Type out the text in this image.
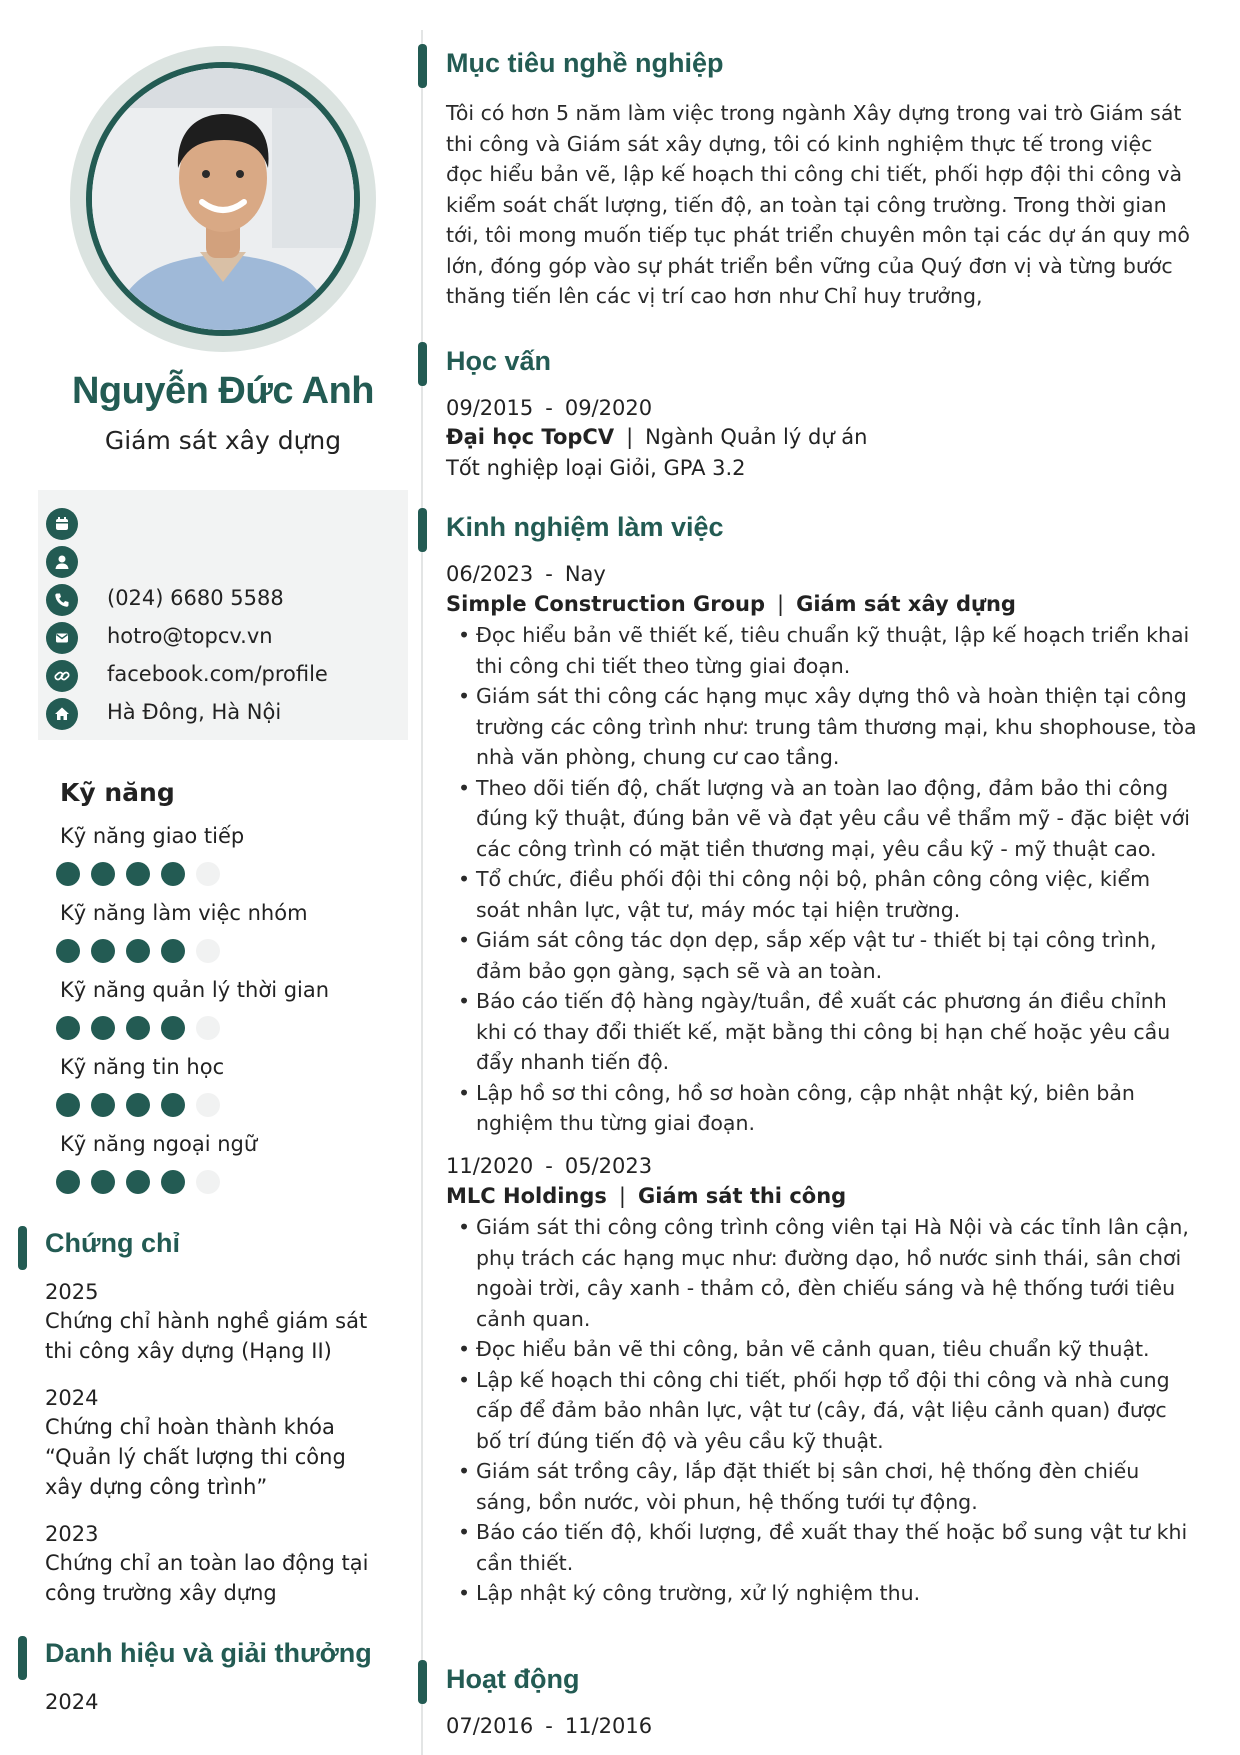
Nguyễn Đức Anh
Giám sát xây dựng
(024) 6680 5588
hotro@topcv.vn
facebook.com/profile
Hà Đông, Hà Nội
Kỹ năng
Kỹ năng giao tiếp
Kỹ năng làm việc nhóm
Kỹ năng quản lý thời gian
Kỹ năng tin học
Kỹ năng ngoại ngữ
Chứng chỉ
2025
Chứng chỉ hành nghề giám sát thi công xây dựng (Hạng II)
2024
Chứng chỉ hoàn thành khóa “Quản lý chất lượng thi công xây dựng công trình”
2023
Chứng chỉ an toàn lao động tại công trường xây dựng
Danh hiệu và giải thưởng
2024
Mục tiêu nghề nghiệp
Tôi có hơn 5 năm làm việc trong ngành Xây dựng trong vai trò Giám sát thi công và Giám sát xây dựng, tôi có kinh nghiệm thực tế trong việc đọc hiểu bản vẽ, lập kế hoạch thi công chi tiết, phối hợp đội thi công và kiểm soát chất lượng, tiến độ, an toàn tại công trường. Trong thời gian tới, tôi mong muốn tiếp tục phát triển chuyên môn tại các dự án quy mô lớn, đóng góp vào sự phát triển bền vững của Quý đơn vị và từng bước thăng tiến lên các vị trí cao hơn như Chỉ huy trưởng,
Học vấn
09/2015 - 09/2020
Đại học TopCV | Ngành Quản lý dự án
Tốt nghiệp loại Giỏi, GPA 3.2
Kinh nghiệm làm việc
06/2023 - Nay
Simple Construction Group | Giám sát xây dựng
• Đọc hiểu bản vẽ thiết kế, tiêu chuẩn kỹ thuật, lập kế hoạch triển khai thi công chi tiết theo từng giai đoạn.
• Giám sát thi công các hạng mục xây dựng thô và hoàn thiện tại công trường các công trình như: trung tâm thương mại, khu shophouse, tòa nhà văn phòng, chung cư cao tầng.
• Theo dõi tiến độ, chất lượng và an toàn lao động, đảm bảo thi công đúng kỹ thuật, đúng bản vẽ và đạt yêu cầu về thẩm mỹ - đặc biệt với các công trình có mặt tiền thương mại, yêu cầu kỹ - mỹ thuật cao.
• Tổ chức, điều phối đội thi công nội bộ, phân công công việc, kiểm soát nhân lực, vật tư, máy móc tại hiện trường.
• Giám sát công tác dọn dẹp, sắp xếp vật tư - thiết bị tại công trình, đảm bảo gọn gàng, sạch sẽ và an toàn.
• Báo cáo tiến độ hàng ngày/tuần, đề xuất các phương án điều chỉnh khi có thay đổi thiết kế, mặt bằng thi công bị hạn chế hoặc yêu cầu đẩy nhanh tiến độ.
• Lập hồ sơ thi công, hồ sơ hoàn công, cập nhật nhật ký, biên bản nghiệm thu từng giai đoạn.
11/2020 - 05/2023
MLC Holdings | Giám sát thi công
• Giám sát thi công công trình công viên tại Hà Nội và các tỉnh lân cận, phụ trách các hạng mục như: đường dạo, hồ nước sinh thái, sân chơi ngoài trời, cây xanh - thảm cỏ, đèn chiếu sáng và hệ thống tưới tiêu cảnh quan.
• Đọc hiểu bản vẽ thi công, bản vẽ cảnh quan, tiêu chuẩn kỹ thuật.
• Lập kế hoạch thi công chi tiết, phối hợp tổ đội thi công và nhà cung cấp để đảm bảo nhân lực, vật tư (cây, đá, vật liệu cảnh quan) được bố trí đúng tiến độ và yêu cầu kỹ thuật.
• Giám sát trồng cây, lắp đặt thiết bị sân chơi, hệ thống đèn chiếu sáng, bồn nước, vòi phun, hệ thống tưới tự động.
• Báo cáo tiến độ, khối lượng, đề xuất thay thế hoặc bổ sung vật tư khi cần thiết.
• Lập nhật ký công trường, xử lý nghiệm thu.
Hoạt động
07/2016 - 11/2016
